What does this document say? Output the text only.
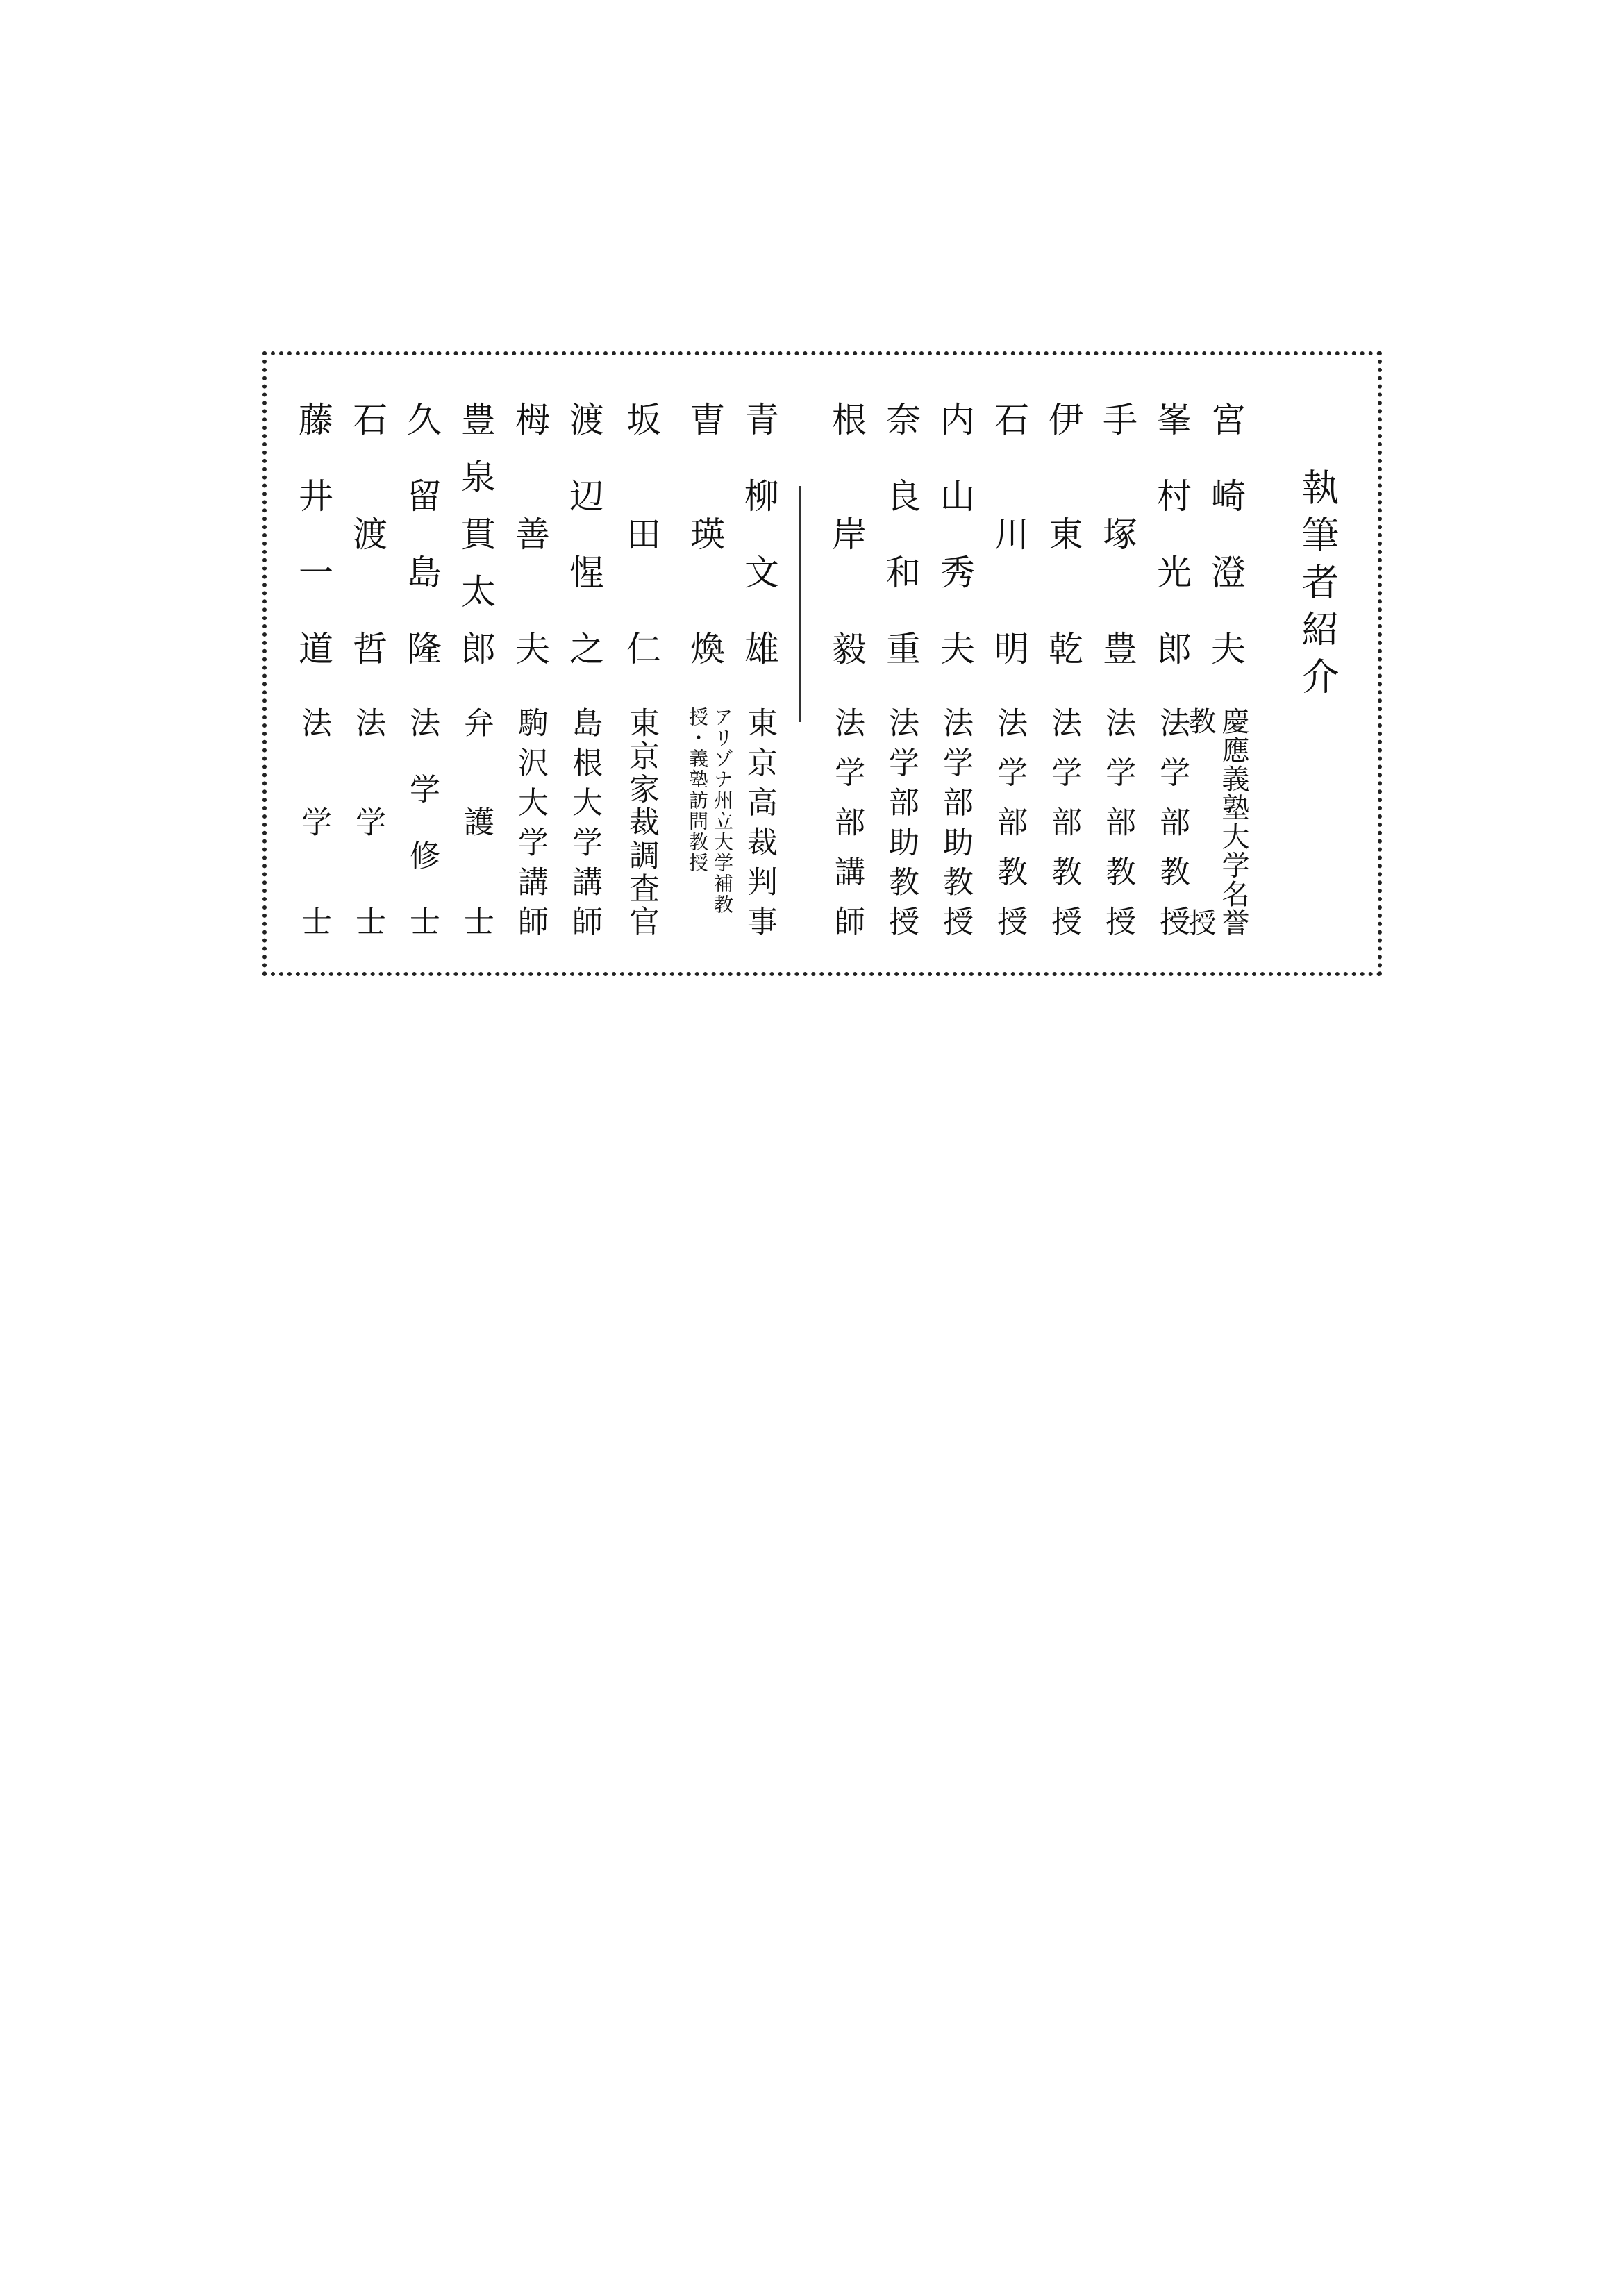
執筆者紹介
宮崎澄夫
慶應義塾大学名誉教授
峯村光郎
法学部教授
手塚豊
法学部教授
伊東乾
法学部教授
石川明
法学部教授
内山秀夫
法学部助教授
奈良和重
法学部助教授
根岸毅
法学部講師
青柳文雄
東京高裁判事
曺瑛煥
アリゾナ州立大学補教授・義塾訪問教授
坂田仁
東京家裁調査官
渡辺惺之
島根大学講師
栂善夫
駒沢大学講師
豊泉貫太郎
弁護士
久留島隆
法学修士
石渡哲
法学士
藤井一道
法学士
